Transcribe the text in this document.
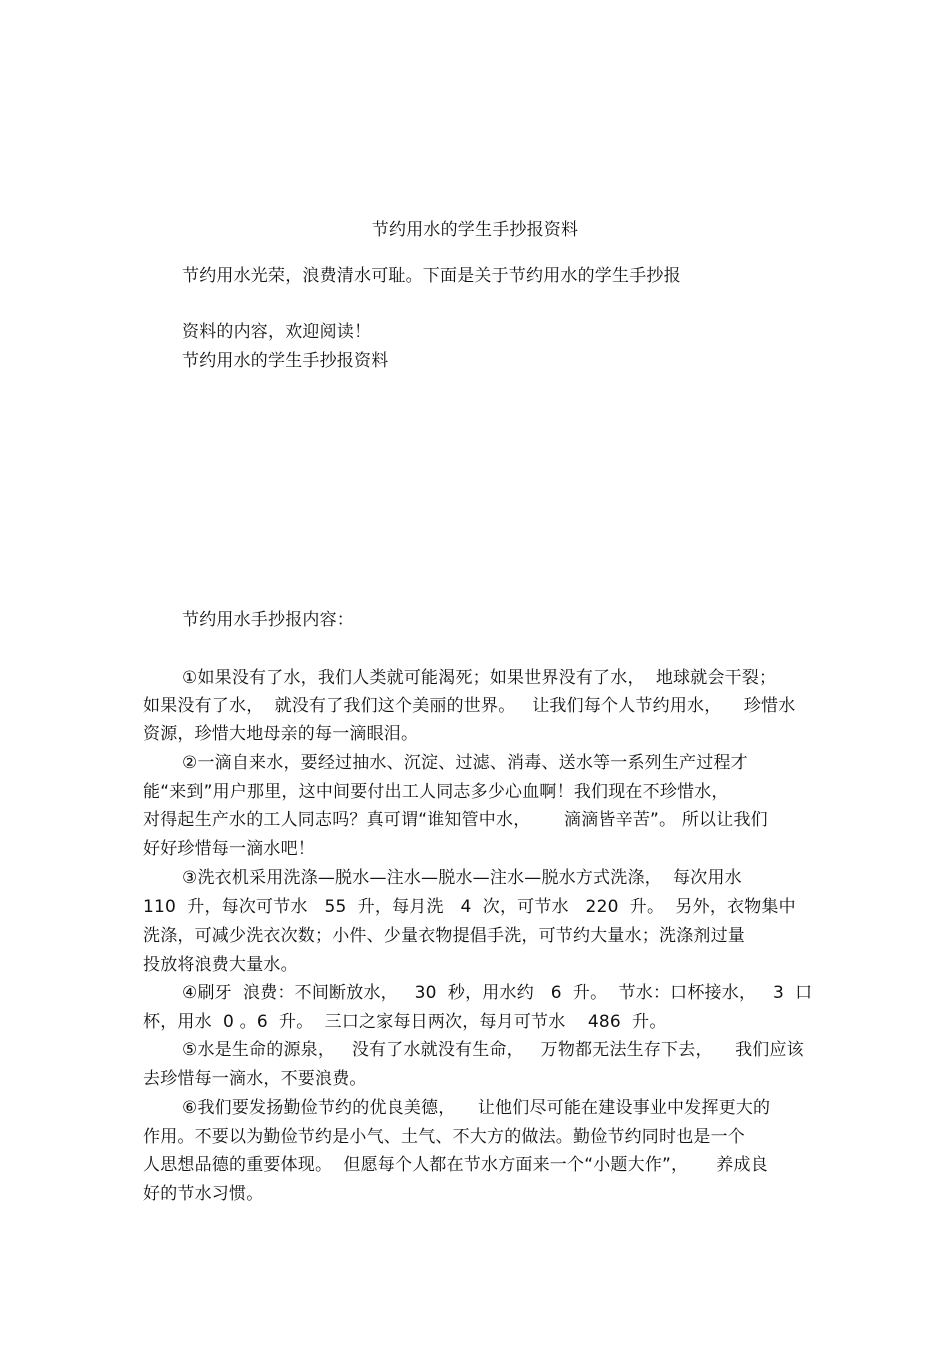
节约用水的学生手抄报资料
节约用水光荣，浪费清水可耻。下面是关于节约用水的学生手抄报
资料的内容，欢迎阅读！
节约用水的学生手抄报资料
节约用水手抄报内容：
①如果没有了水，我们人类就可能渴死；如果世界没有了水，  地球就会干裂；
如果没有了水，  就没有了我们这个美丽的世界。   让我们每个人节约用水，    珍惜水
资源，珍惜大地母亲的每一滴眼泪。
②一滴自来水，要经过抽水、沉淀、过滤、消毒、送水等一系列生产过程才
能“来到”用户那里，这中间要付出工人同志多少心血啊！我们现在不珍惜水，
对得起生产水的工人同志吗？真可谓“谁知管中水，      滴滴皆辛苦”。 所以让我们
好好珍惜每一滴水吧！
③洗衣机采用洗涤—脱水—注水—脱水—注水—脱水方式洗涤，  每次用水
110  升，每次可节水   55  升，每月洗   4  次，可节水   220  升。  另外，衣物集中
洗涤，可减少洗衣次数；小件、少量衣物提倡手洗，可节约大量水；洗涤剂过量
投放将浪费大量水。
④刷牙  浪费：不间断放水，   30  秒，用水约   6  升。  节水：口杯接水，   3  口
杯，用水  0 。6  升。  三口之家每日两次，每月可节水    486  升。
⑤水是生命的源泉，   没有了水就没有生命，   万物都无法生存下去，    我们应该
去珍惜每一滴水，不要浪费。
⑥我们要发扬勤俭节约的优良美德，    让他们尽可能在建设事业中发挥更大的
作用。不要以为勤俭节约是小气、土气、不大方的做法。勤俭节约同时也是一个
人思想品德的重要体现。  但愿每个人都在节水方面来一个“小题大作”，     养成良
好的节水习惯。
